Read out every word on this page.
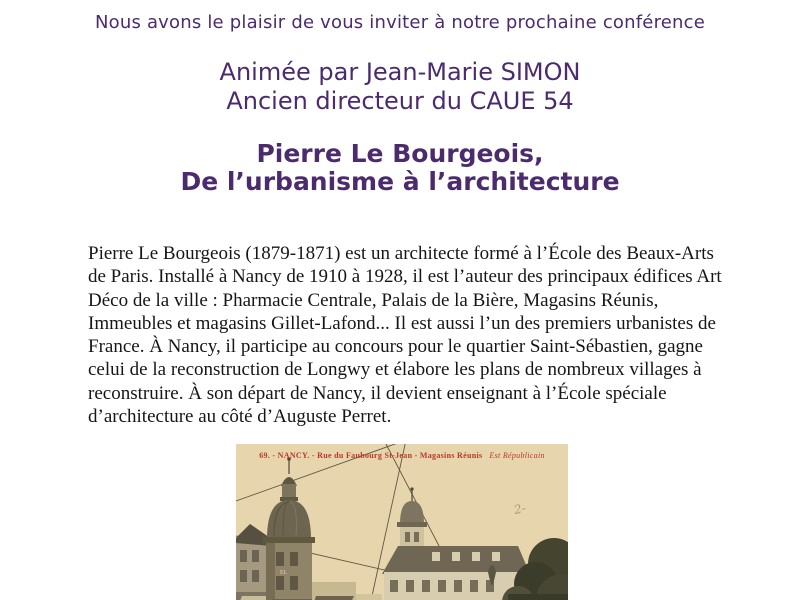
Nous avons le plaisir de vous inviter à notre prochaine conférence
Animée par Jean-Marie SIMON
Ancien directeur du CAUE 54
Pierre Le Bourgeois,
De l’urbanisme à l’architecture
Pierre Le Bourgeois (1879-1871) est un architecte formé à l’École des Beaux-Arts de Paris. Installé à Nancy de 1910 à 1928, il est l’auteur des principaux édifices Art Déco de la ville : Pharmacie Centrale, Palais de la Bière, Magasins Réunis, Immeubles et magasins Gillet-Lafond... Il est aussi l’un des premiers urbanistes de France. À Nancy, il participe au concours pour le quartier Saint-Sébastien, gagne celui de la reconstruction de Longwy et élabore les plans de nombreux villages à reconstruire. À son départ de Nancy, il devient enseignant à l’École spéciale d’architecture au côté d’Auguste Perret.
69. - NANCY. - Rue du Faubourg St-Jean - Magasins Réunis Est Républicain
2-
EL
